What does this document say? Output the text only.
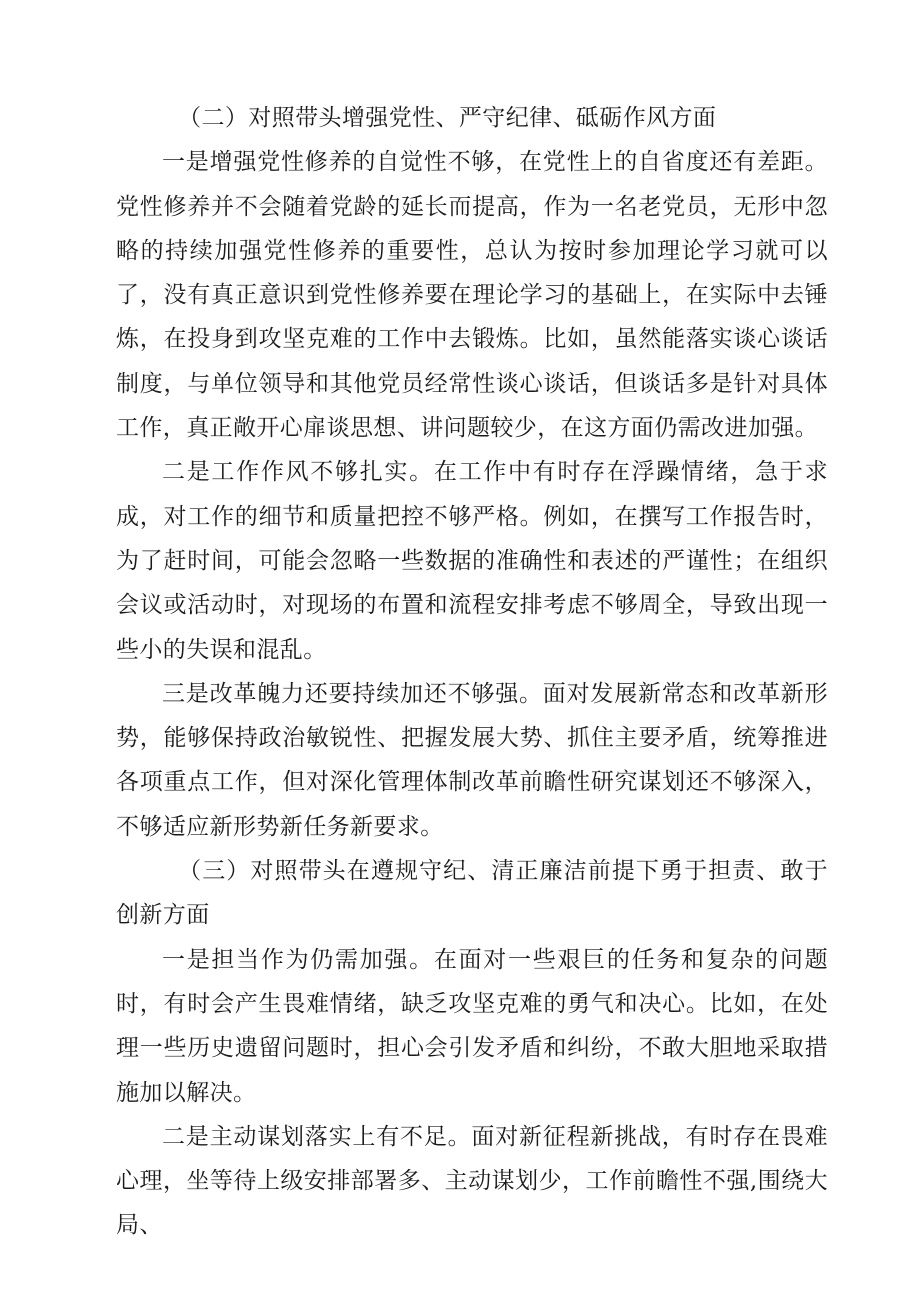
（二）对照带头增强党性、严守纪律、砥砺作风方面

一是增强党性修养的自觉性不够，在党性上的自省度还有差距。党性修养并不会随着党龄的延长而提高，作为一名老党员，无形中忽略的持续加强党性修养的重要性，总认为按时参加理论学习就可以了，没有真正意识到党性修养要在理论学习的基础上，在实际中去锤炼，在投身到攻坚克难的工作中去锻炼。比如，虽然能落实谈心谈话制度，与单位领导和其他党员经常性谈心谈话，但谈话多是针对具体工作，真正敞开心扉谈思想、讲问题较少，在这方面仍需改进加强。

二是工作作风不够扎实。在工作中有时存在浮躁情绪，急于求成，对工作的细节和质量把控不够严格。例如，在撰写工作报告时，为了赶时间，可能会忽略一些数据的准确性和表述的严谨性；在组织会议或活动时，对现场的布置和流程安排考虑不够周全，导致出现一些小的失误和混乱。

三是改革魄力还要持续加还不够强。面对发展新常态和改革新形势，能够保持政治敏锐性、把握发展大势、抓住主要矛盾，统筹推进各项重点工作，但对深化管理体制改革前瞻性研究谋划还不够深入，不够适应新形势新任务新要求。

（三）对照带头在遵规守纪、清正廉洁前提下勇于担责、敢于创新方面

一是担当作为仍需加强。在面对一些艰巨的任务和复杂的问题时，有时会产生畏难情绪，缺乏攻坚克难的勇气和决心。比如，在处理一些历史遗留问题时，担心会引发矛盾和纠纷，不敢大胆地采取措施加以解决。

二是主动谋划落实上有不足。面对新征程新挑战，有时存在畏难心理，坐等待上级安排部署多、主动谋划少，工作前瞻性不强,围绕大局、
